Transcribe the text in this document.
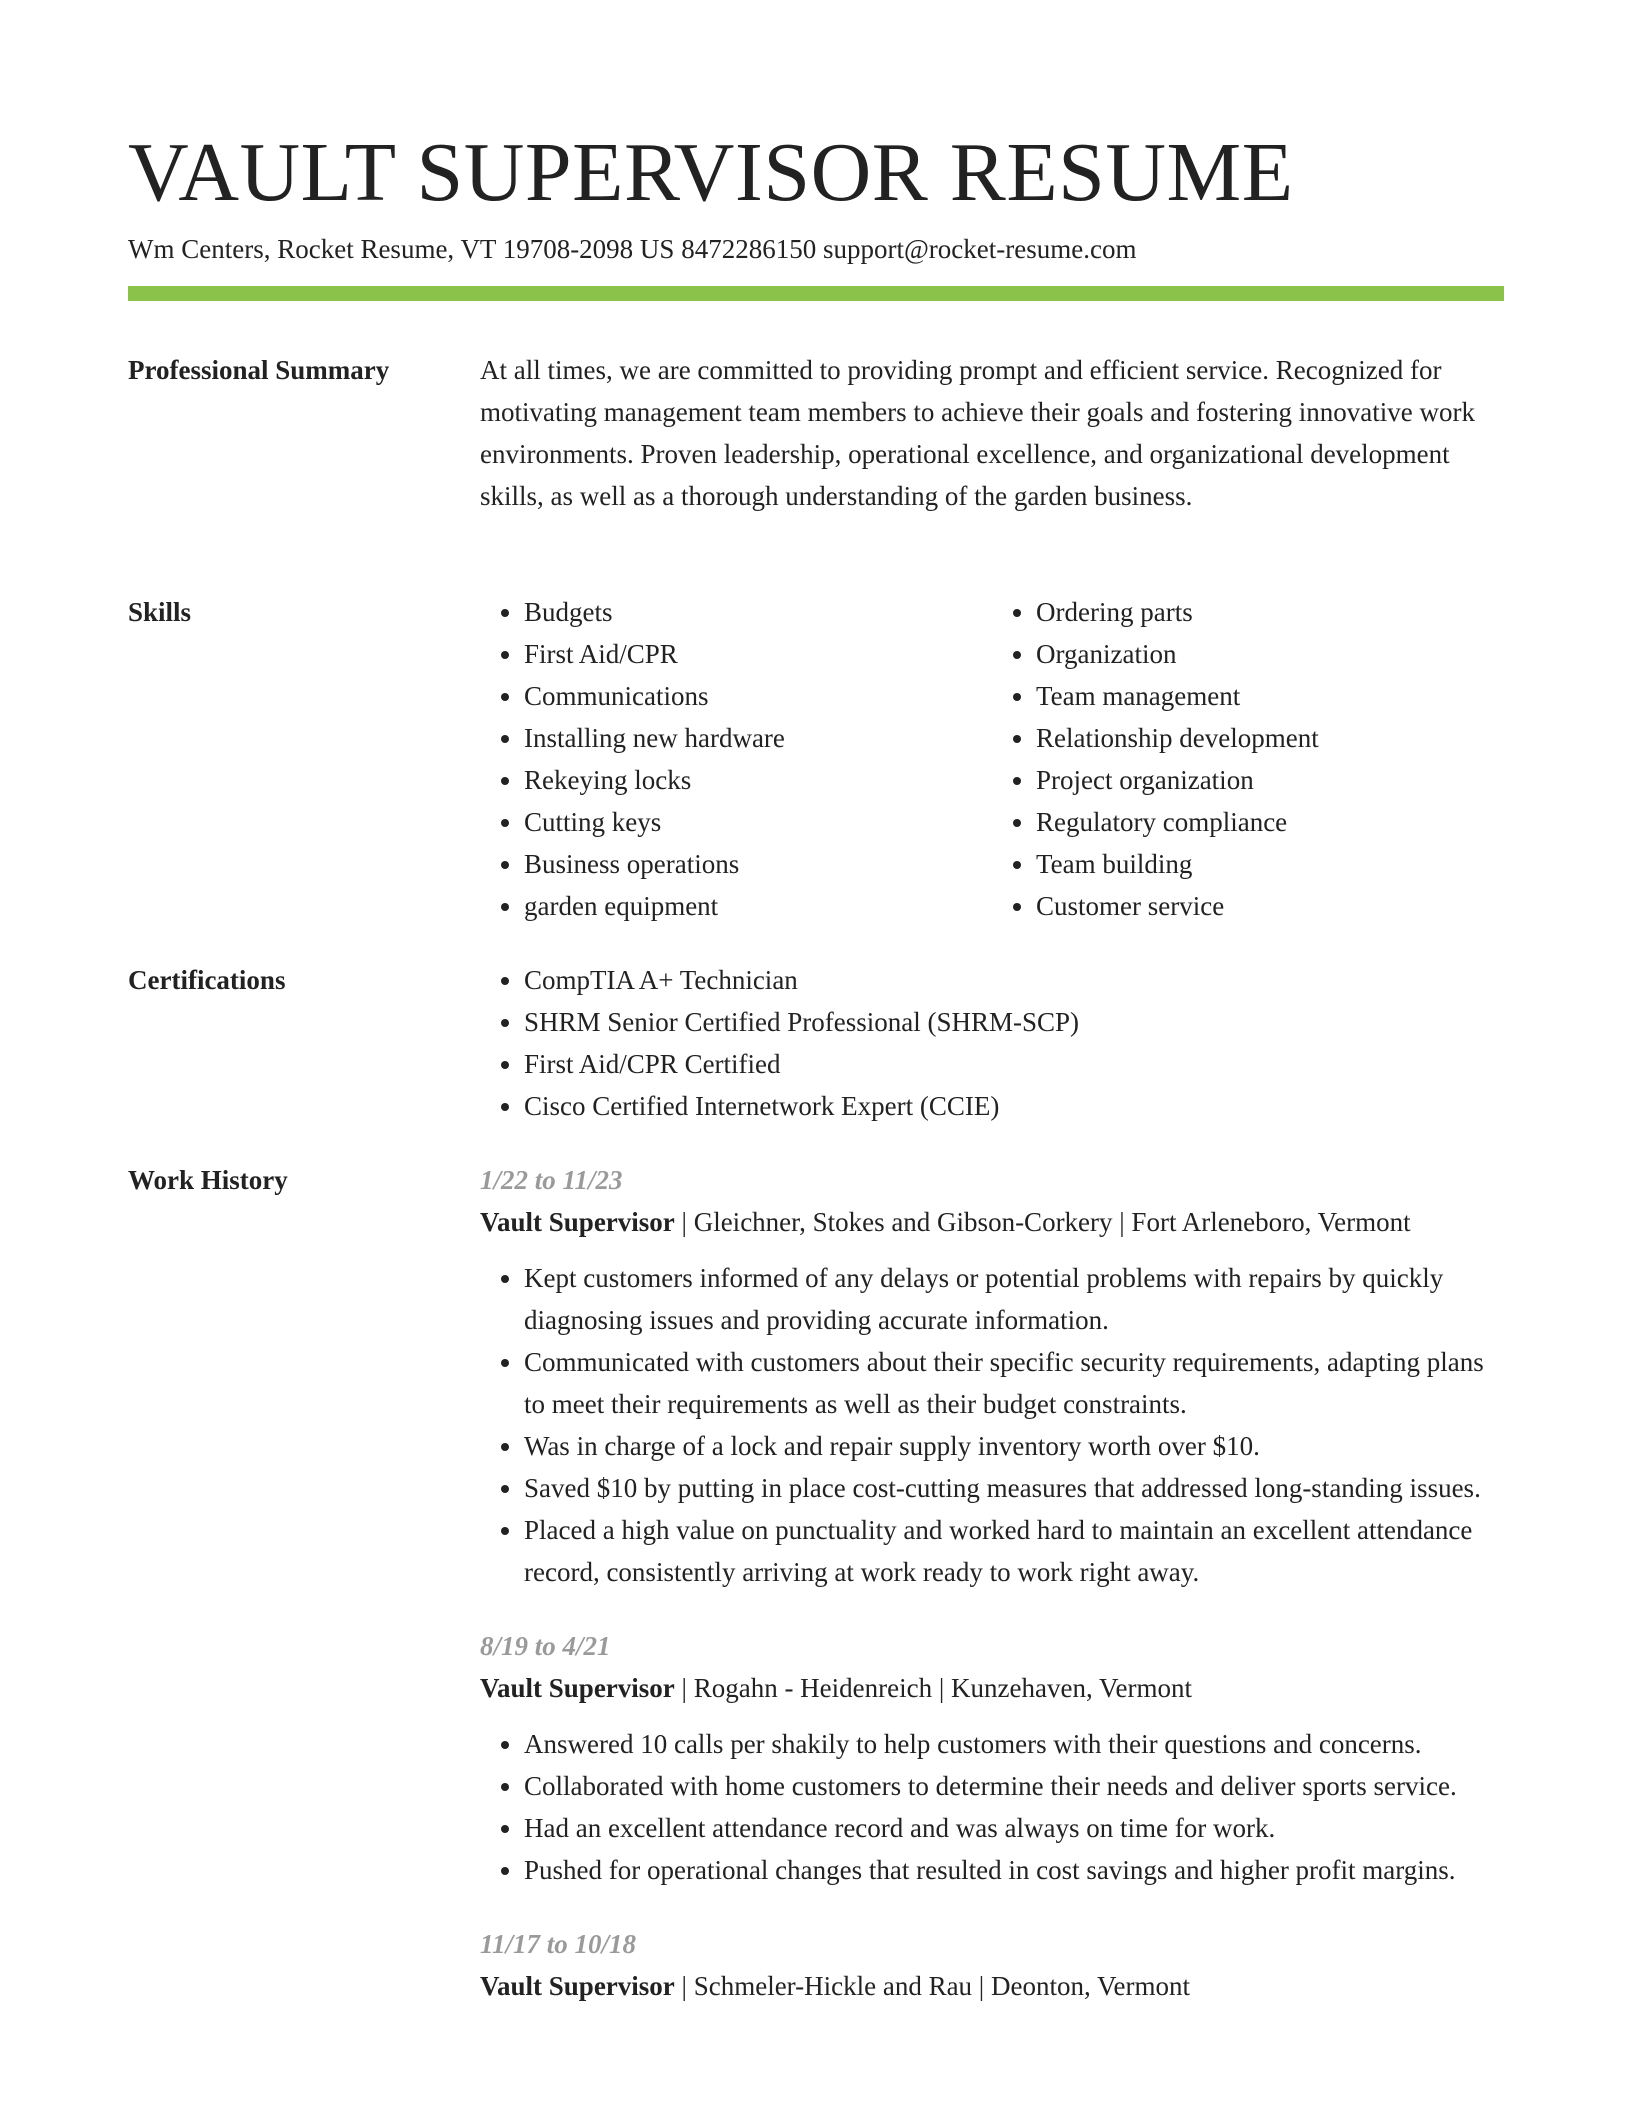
VAULT SUPERVISOR RESUME
Wm Centers, Rocket Resume, VT 19708-2098 US 8472286150 support@rocket-resume.com
Professional Summary	At all times, we are committed to providing prompt and efficient service. Recognized for motivating management team members to achieve their goals and fostering innovative work environments. Proven leadership, operational excellence, and organizational development skills, as well as a thorough understanding of the garden business.
Skills	• Budgets
• First Aid/CPR
• Communications
• Installing new hardware
• Rekeying locks
• Cutting keys
• Business operations
• garden equipment
• Ordering parts
• Organization
• Team management
• Relationship development
• Project organization
• Regulatory compliance
• Team building
• Customer service
Certifications	• CompTIA A+ Technician
• SHRM Senior Certified Professional (SHRM-SCP)
• First Aid/CPR Certified
• Cisco Certified Internetwork Expert (CCIE)
Work History	1/22 to 11/23
Vault Supervisor | Gleichner, Stokes and Gibson-Corkery | Fort Arleneboro, Vermont
• Kept customers informed of any delays or potential problems with repairs by quickly diagnosing issues and providing accurate information.
• Communicated with customers about their specific security requirements, adapting plans to meet their requirements as well as their budget constraints.
• Was in charge of a lock and repair supply inventory worth over $10.
• Saved $10 by putting in place cost-cutting measures that addressed long-standing issues.
• Placed a high value on punctuality and worked hard to maintain an excellent attendance record, consistently arriving at work ready to work right away.
8/19 to 4/21
Vault Supervisor | Rogahn - Heidenreich | Kunzehaven, Vermont
• Answered 10 calls per shakily to help customers with their questions and concerns.
• Collaborated with home customers to determine their needs and deliver sports service.
• Had an excellent attendance record and was always on time for work.
• Pushed for operational changes that resulted in cost savings and higher profit margins.
11/17 to 10/18
Vault Supervisor | Schmeler-Hickle and Rau | Deonton, Vermont
